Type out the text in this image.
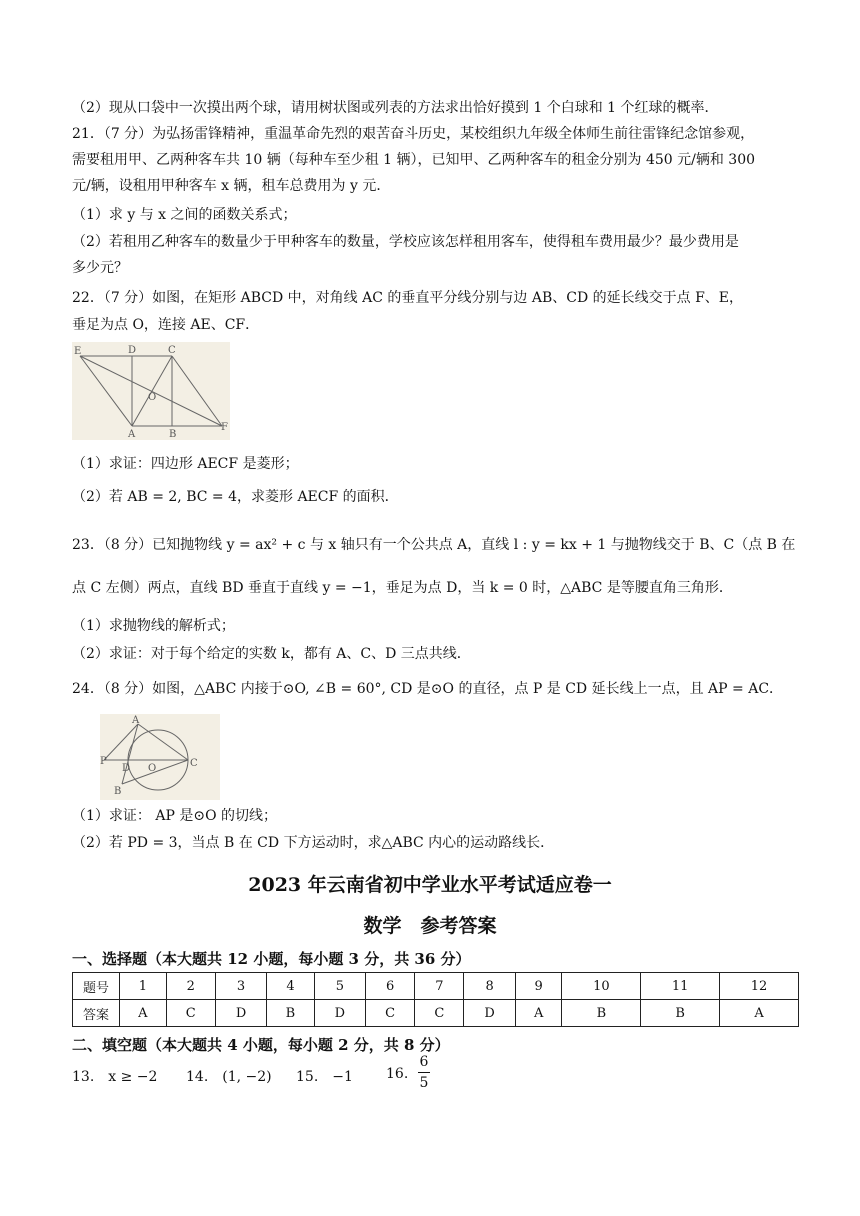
（2）现从口袋中一次摸出两个球，请用树状图或列表的方法求出恰好摸到 1 个白球和 1 个红球的概率．
21．（7 分）为弘扬雷锋精神，重温革命先烈的艰苦奋斗历史，某校组织九年级全体师生前往雷锋纪念馆参观，
需要租用甲、乙两种客车共 10 辆（每种车至少租 1 辆），已知甲、乙两种客车的租金分别为 450 元/辆和 300
元/辆，设租用甲种客车 x 辆，租车总费用为 y 元．
（1）求 y 与 x 之间的函数关系式；
（2）若租用乙种客车的数量少于甲种客车的数量，学校应该怎样租用客车，使得租车费用最少？最少费用是
多少元？
22．（7 分）如图，在矩形 ABCD 中，对角线 AC 的垂直平分线分别与边 AB、CD 的延长线交于点 F、E，
垂足为点 O，连接 AE、CF．
E	D	C
O
A	B
F
（1）求证：四边形 AECF 是菱形；
（2）若 AB = 2, BC = 4，求菱形 AECF 的面积．
23．（8 分）已知抛物线 y = ax² + c 与 x 轴只有一个公共点 A，直线 l : y = kx + 1 与抛物线交于 B、C（点 B 在
点 C 左侧）两点，直线 BD 垂直于直线 y = −1，垂足为点 D，当 k = 0 时，△ABC 是等腰直角三角形．
（1）求抛物线的解析式；
（2）求证：对于每个给定的实数 k，都有 A、C、D 三点共线．
24．（8 分）如图，△ABC 内接于⊙O, ∠B = 60°, CD 是⊙O 的直径，点 P 是 CD 延长线上一点，且 AP = AC．
A
P
D O	C
B
（1）求证： AP 是⊙O 的切线；
（2）若 PD = 3，当点 B 在 CD 下方运动时，求△ABC 内心的运动路线长．
2023 年云南省初中学业水平考试适应卷一
数学　参考答案
一、选择题（本大题共 12 小题，每小题 3 分，共 36 分）
题号	1	2	3	4	5	6	7	8	9	10	11	12
答案	A	C	D	B	D	C	C	D	A	B	B	A
二、填空题（本大题共 4 小题，每小题 2 分，共 8 分）
13.　x ≥ −2 14.　(1, −2) 15.　−1 16.
6
5
